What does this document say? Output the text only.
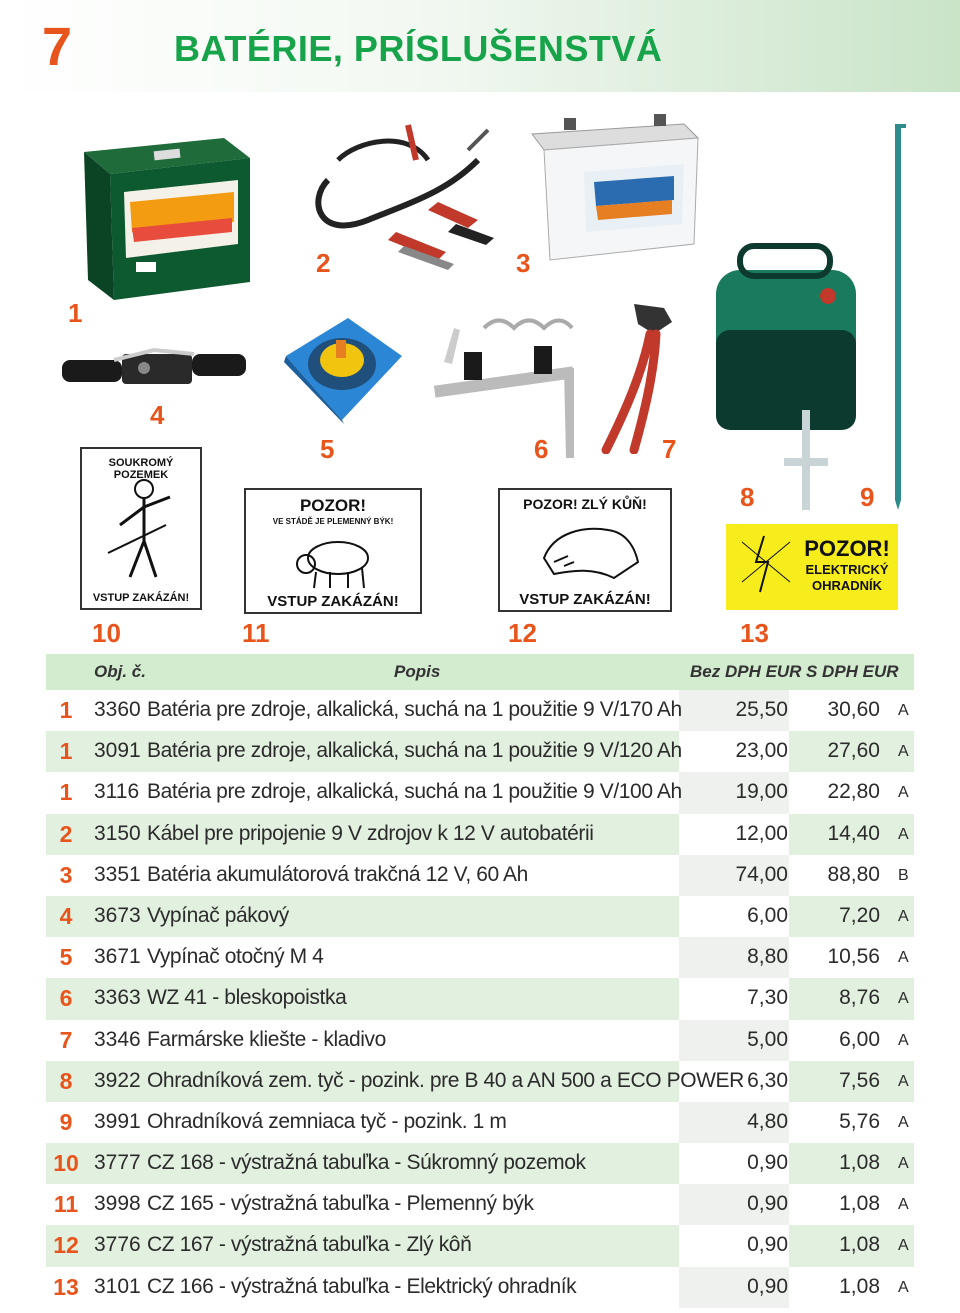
7	BATÉRIE, PRÍSLUŠENSTVÁ
1
2	3
4
5	6	7
8	9
SOUKROMÝ POZEMEK
VSTUP ZAKÁZÁN!
10
POZOR!
VE STÁDĚ JE PLEMENNÝ BÝK!
VSTUP ZAKÁZÁN!
11
POZOR! ZLÝ KŮŇ!
VSTUP ZAKÁZÁN!
12
POZOR!
ELEKTRICKÝ
OHRADNÍK
13
Obj. č.	Popis	Bez DPH EUR S DPH EUR
1	3360 Batéria pre zdroje, alkalická, suchá na 1 použitie 9 V/170 Ah	25,50	30,60 A
1	3091 Batéria pre zdroje, alkalická, suchá na 1 použitie 9 V/120 Ah	23,00	27,60 A
1	3116 Batéria pre zdroje, alkalická, suchá na 1 použitie 9 V/100 Ah	19,00	22,80 A
2	3150 Kábel pre pripojenie 9 V zdrojov k 12 V autobatérii	12,00	14,40 A
3	3351 Batéria akumulátorová trakčná 12 V, 60 Ah	74,00	88,80 B
4	3673 Vypínač pákový	6,00	7,20 A
5	3671 Vypínač otočný M 4	8,80	10,56 A
6	3363 WZ 41 - bleskopoistka	7,30	8,76 A
7	3346 Farmárske kliešte - kladivo	5,00	6,00 A
8	3922 Ohradníková zem. tyč - pozink. pre B 40 a AN 500 a ECO POWER 6,30	7,56 A
9	3991 Ohradníková zemniaca tyč - pozink. 1 m	4,80	5,76 A
10 3777 CZ 168 - výstražná tabuľka - Súkromný pozemok	0,90	1,08 A
11 3998 CZ 165 - výstražná tabuľka - Plemenný býk	0,90	1,08 A
12 3776 CZ 167 - výstražná tabuľka - Zlý kôň	0,90	1,08 A
13 3101 CZ 166 - výstražná tabuľka - Elektrický ohradník	0,90	1,08 A
